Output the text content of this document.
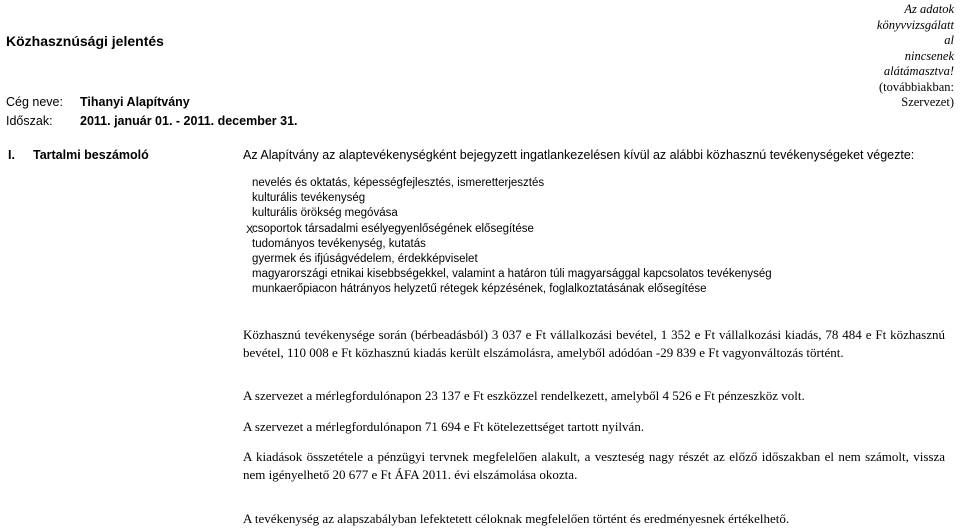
Közhasznúsági jelentés
Cég neve: Tihanyi Alapítvány
Időszak: 2011. január 01. - 2011. december 31.
Az adatok
könyvvizsgálatt
al
nincsenek
alátámasztva!
(továbbiakban:
Szervezet)
I. Tartalmi beszámoló	Az Alapítvány az alaptevékenységként bejegyzett ingatlankezelésen kívül az alábbi közhasznú tevékenységeket végezte:
X
nevelés és oktatás, képességfejlesztés, ismeretterjesztés
kulturális tevékenység
kulturális örökség megóvása
csoportok társadalmi esélyegyenlőségének elősegítése
tudományos tevékenység, kutatás
gyermek és ifjúságvédelem, érdekképviselet
magyarországi etnikai kisebbségekkel, valamint a határon túli magyarsággal kapcsolatos tevékenység
munkaerőpiacon hátrányos helyzetű rétegek képzésének, foglalkoztatásának elősegítése
Közhasznú tevékenysége során (bérbeadásból) 3 037 e Ft vállalkozási bevétel, 1 352 e Ft vállalkozási kiadás, 78 484 e Ft közhasznú bevétel, 110 008 e Ft közhasznú kiadás került elszámolásra, amelyből adódóan -29 839 e Ft vagyonváltozás történt.
A szervezet a mérlegfordulónapon 23 137 e Ft eszközzel rendelkezett, amelyből 4 526 e Ft pénzeszköz volt.
A szervezet a mérlegfordulónapon 71 694 e Ft kötelezettséget tartott nyilván.
A kiadások összetétele a pénzügyi tervnek megfelelően alakult, a veszteség nagy részét az előző időszakban el nem számolt, vissza nem igényelhető 20 677 e Ft ÁFA 2011. évi elszámolása okozta.
A tevékenység az alapszabályban lefektetett céloknak megfelelően történt és eredményesnek értékelhető.
